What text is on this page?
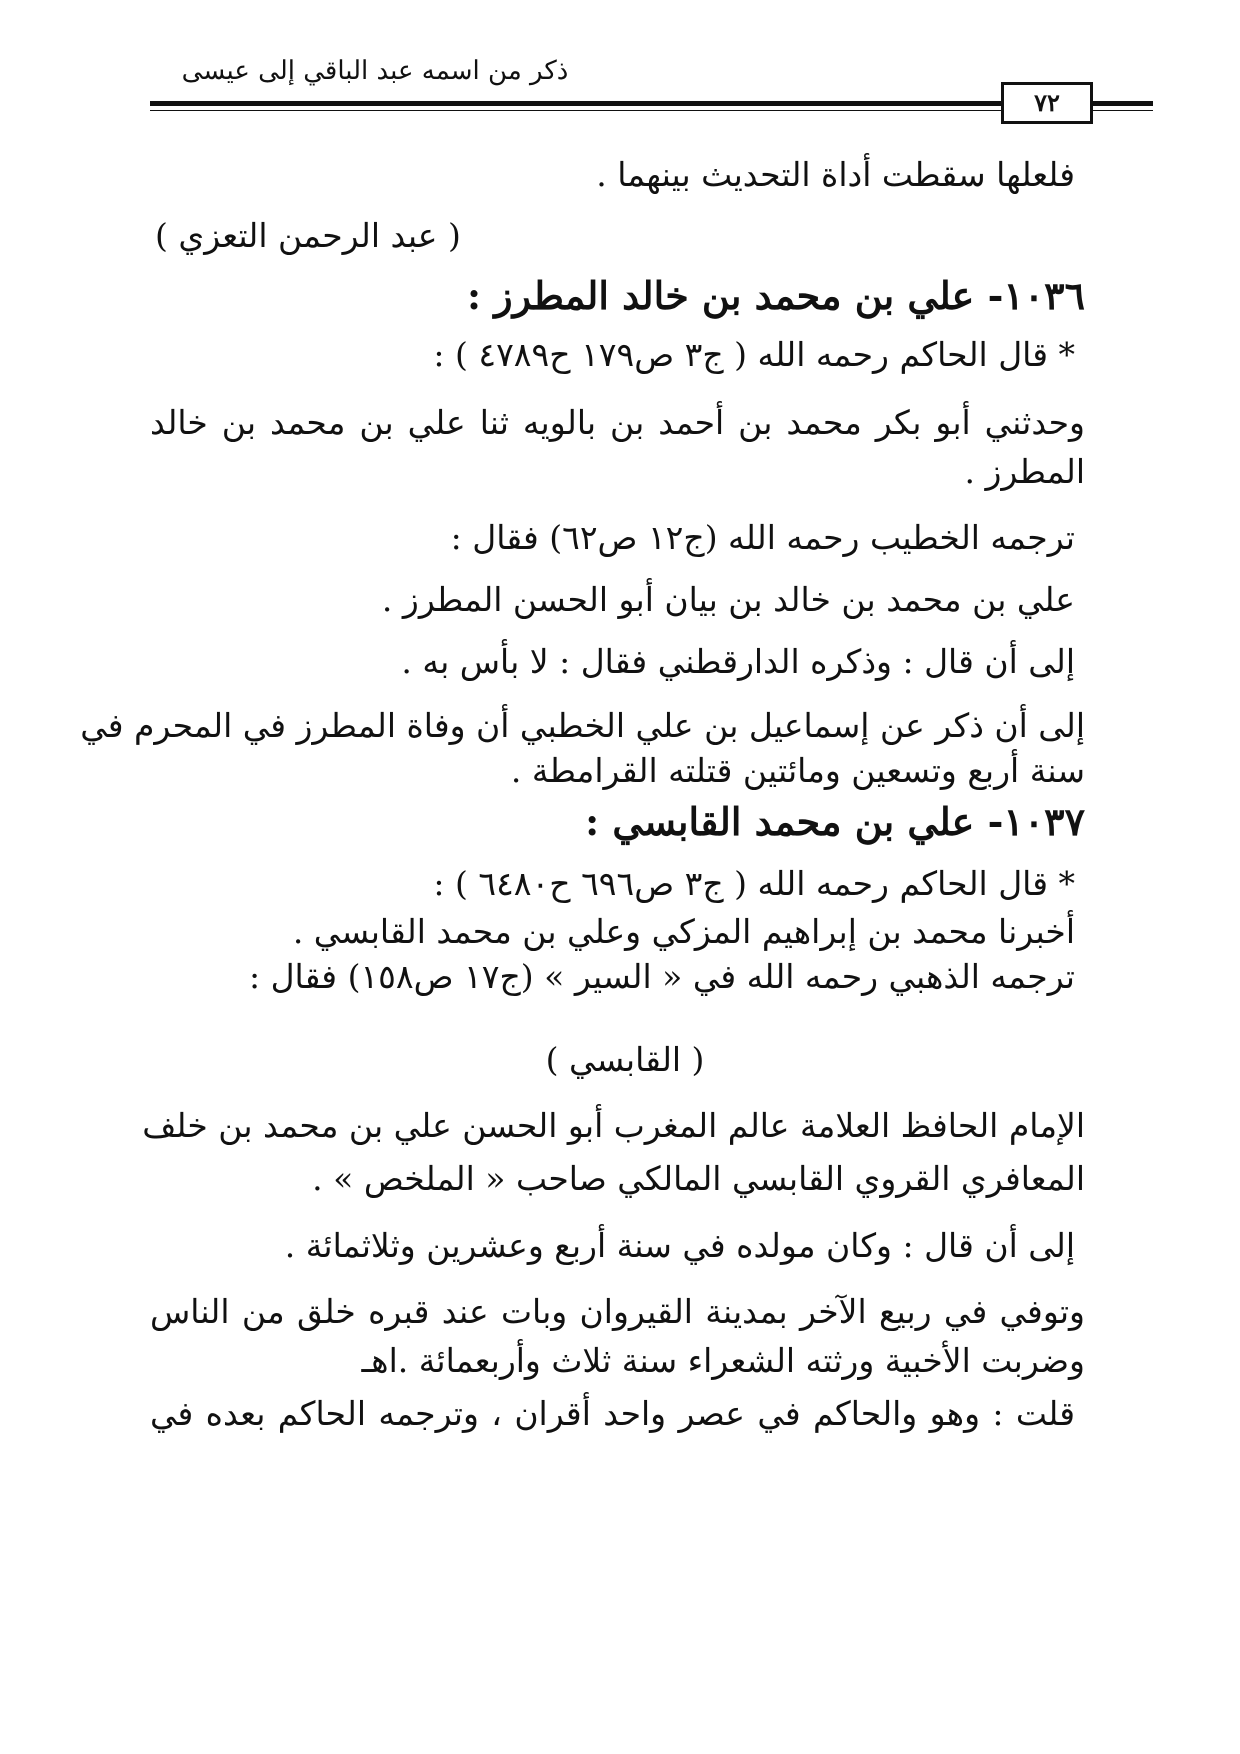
ذكر من اسمه عبد الباقي إلى عيسى
٧٢
فلعلها سقطت أداة التحديث بينهما .
( عبد الرحمن التعزي )
١٠٣٦- علي بن محمد بن خالد المطرز :
* قال الحاكم رحمه الله ( ج٣ ص١٧٩ ح٤٧٨٩ ) :
وحدثني أبو بكر محمد بن أحمد بن بالويه ثنا علي بن محمد بن خالد
المطرز .
ترجمه الخطيب رحمه الله (ج١٢ ص٦٢) فقال :
علي بن محمد بن خالد بن بيان أبو الحسن المطرز .
إلى أن قال : وذكره الدارقطني فقال : لا بأس به .
إلى أن ذكر عن إسماعيل بن علي الخطبي أن وفاة المطرز في المحرم في
سنة أربع وتسعين ومائتين قتلته القرامطة .
١٠٣٧- علي بن محمد القابسي :
* قال الحاكم رحمه الله ( ج٣ ص٦٩٦ ح٦٤٨٠ ) :
أخبرنا محمد بن إبراهيم المزكي وعلي بن محمد القابسي .
ترجمه الذهبي رحمه الله في « السير » (ج١٧ ص١٥٨) فقال :
( القابسي )
الإمام الحافظ العلامة عالم المغرب أبو الحسن علي بن محمد بن خلف
المعافري القروي القابسي المالكي صاحب « الملخص » .
إلى أن قال : وكان مولده في سنة أربع وعشرين وثلاثمائة .
وتوفي في ربيع الآخر بمدينة القيروان وبات عند قبره خلق من الناس
وضربت الأخبية ورثته الشعراء سنة ثلاث وأربعمائة .اهـ
قلت : وهو والحاكم في عصر واحد أقران ، وترجمه الحاكم بعده في
